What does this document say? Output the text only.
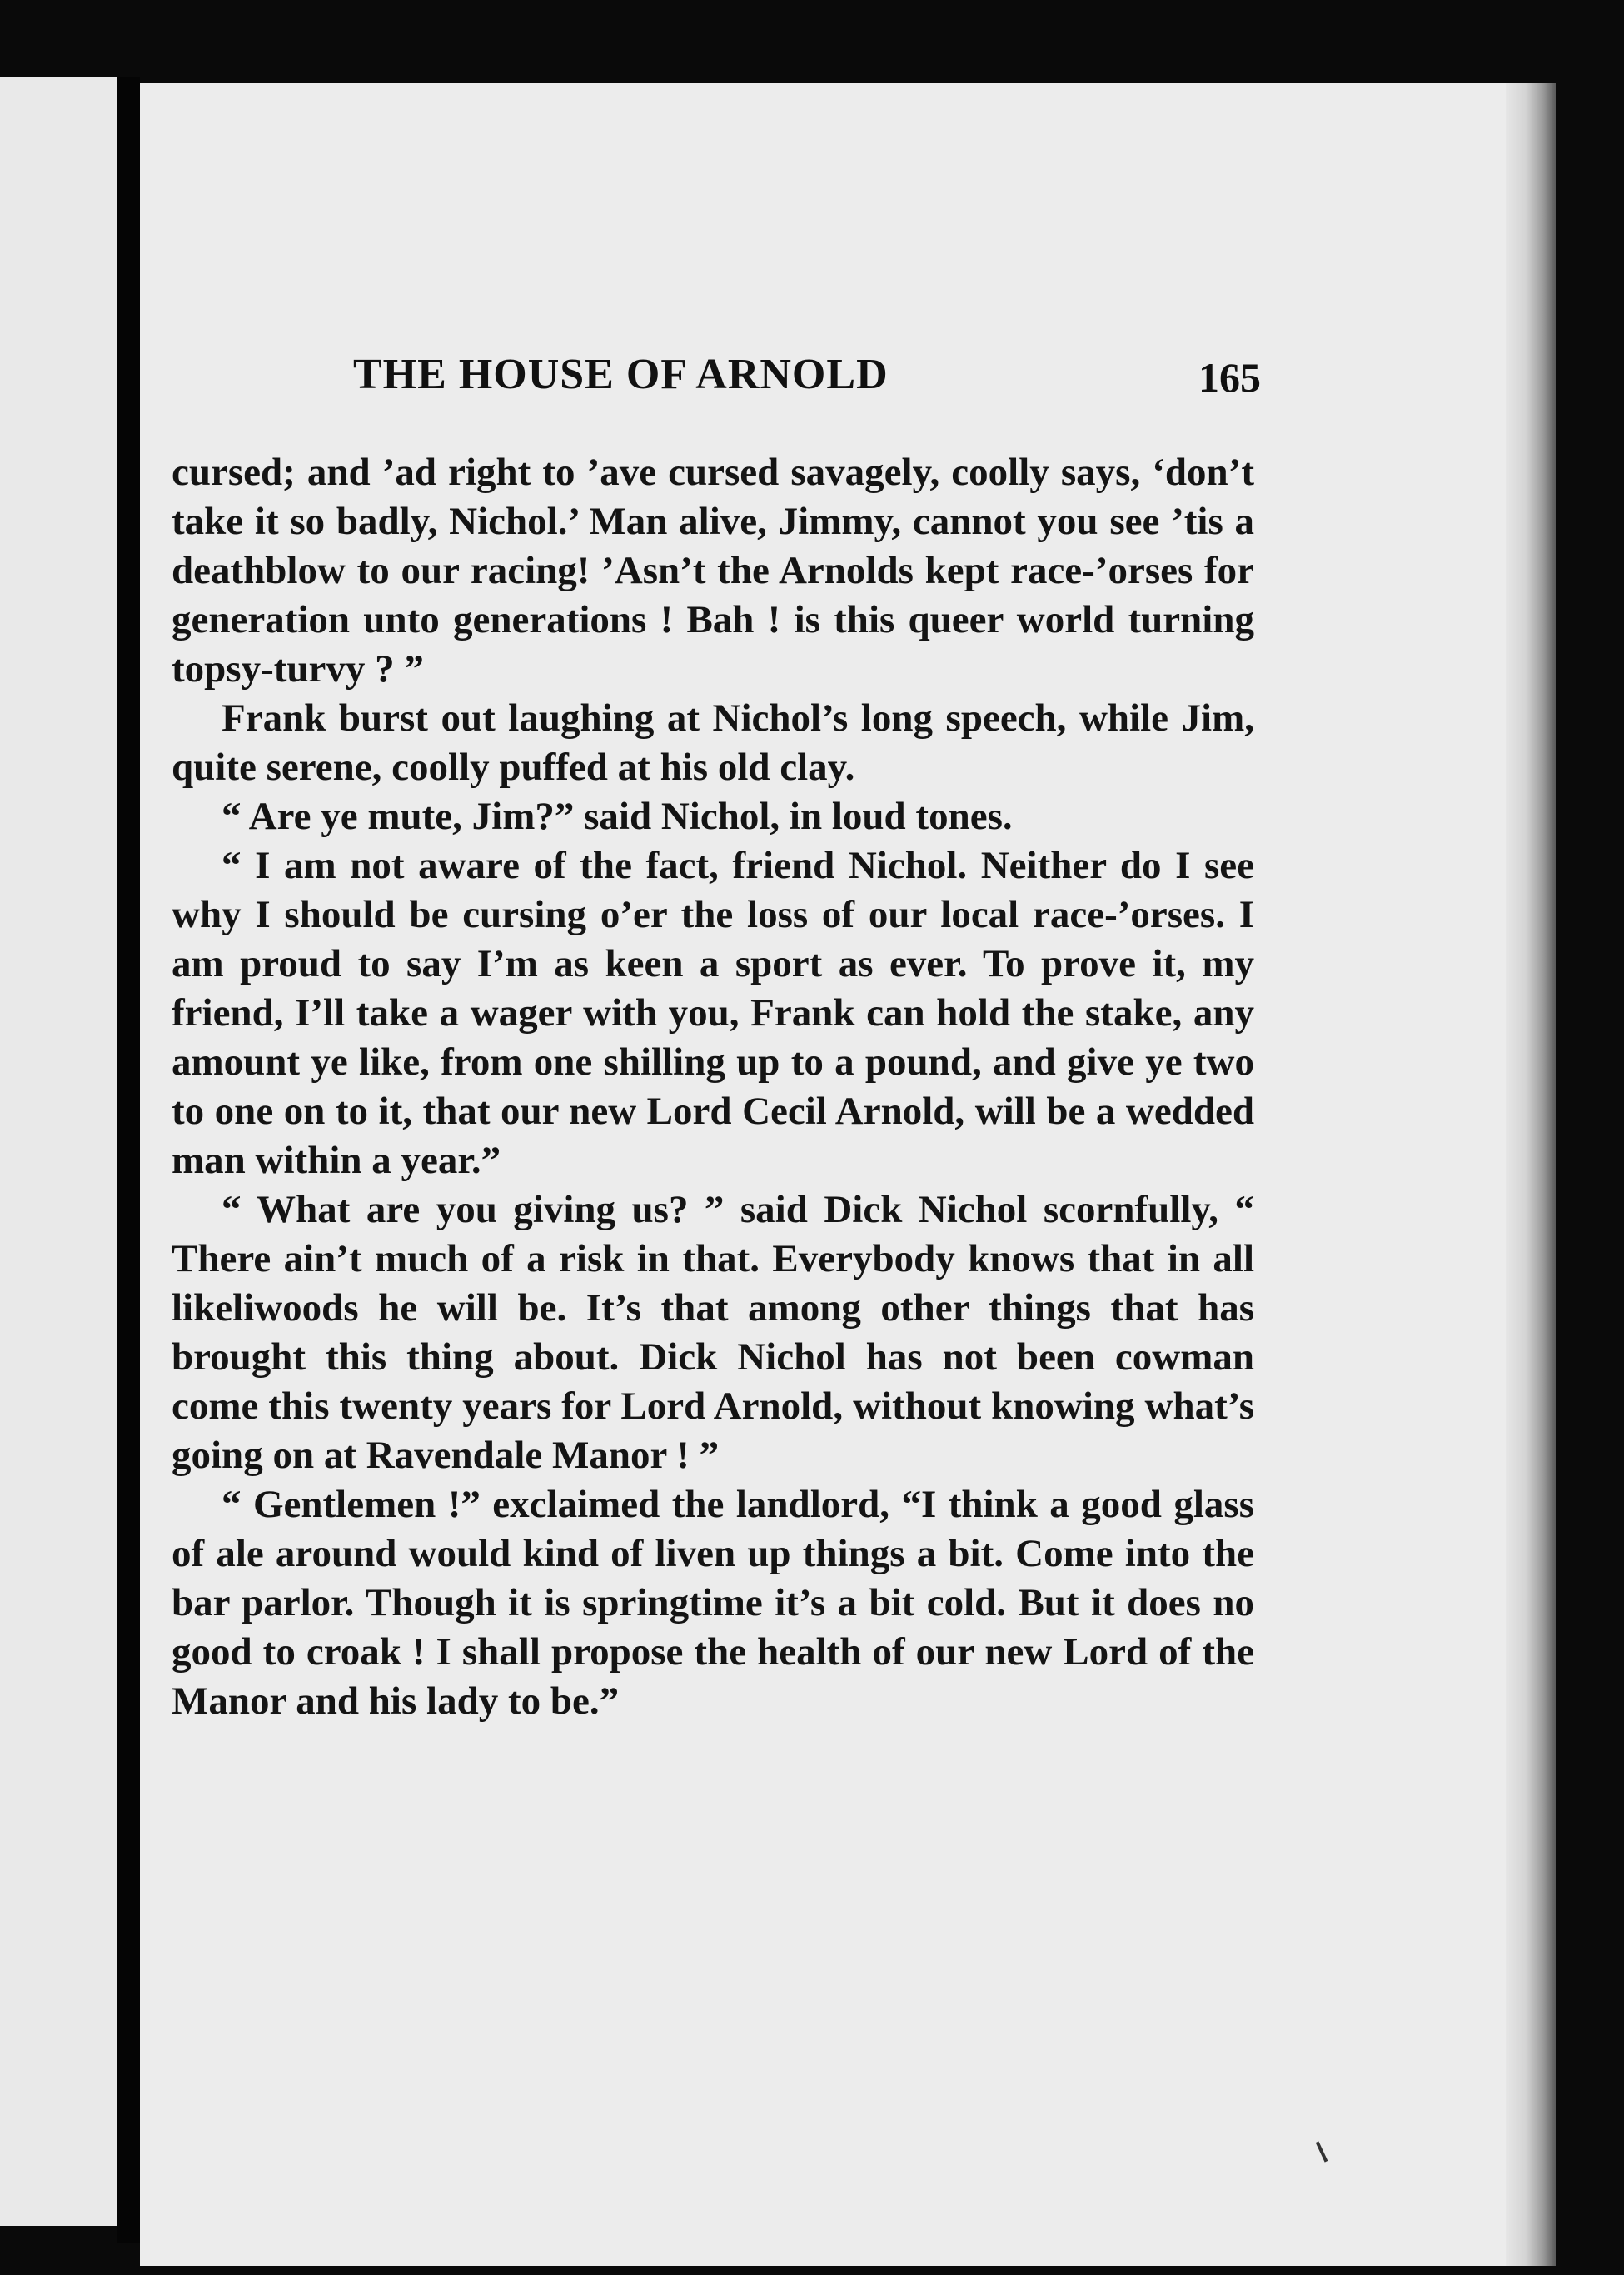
THE HOUSE OF ARNOLD	165

cursed; and ’ad right to ’ave cursed savagely, coolly says, ‘don’t take it so badly, Nichol.’ Man alive, Jimmy, cannot you see ’tis a deathblow to our racing! ’Asn’t the Arnolds kept race-’orses for generation unto generations ! Bah ! is this queer world turning topsy-turvy ? ”

Frank burst out laughing at Nichol’s long speech, while Jim, quite serene, coolly puffed at his old clay.

“ Are ye mute, Jim?” said Nichol, in loud tones.

“ I am not aware of the fact, friend Nichol. Neither do I see why I should be cursing o’er the loss of our local race-’orses. I am proud to say I’m as keen a sport as ever. To prove it, my friend, I’ll take a wager with you, Frank can hold the stake, any amount ye like, from one shilling up to a pound, and give ye two to one on to it, that our new Lord Cecil Arnold, will be a wedded man within a year.”

“ What are you giving us? ” said Dick Nichol scornfully, “ There ain’t much of a risk in that. Everybody knows that in all likeliwoods he will be. It’s that among other things that has brought this thing about. Dick Nichol has not been cowman come this twenty years for Lord Arnold, without knowing what’s going on at Ravendale Manor ! ”

“ Gentlemen !” exclaimed the landlord, “I think a good glass of ale around would kind of liven up things a bit. Come into the bar parlor. Though it is springtime it’s a bit cold. But it does no good to croak ! I shall propose the health of our new Lord of the Manor and his lady to be.”
